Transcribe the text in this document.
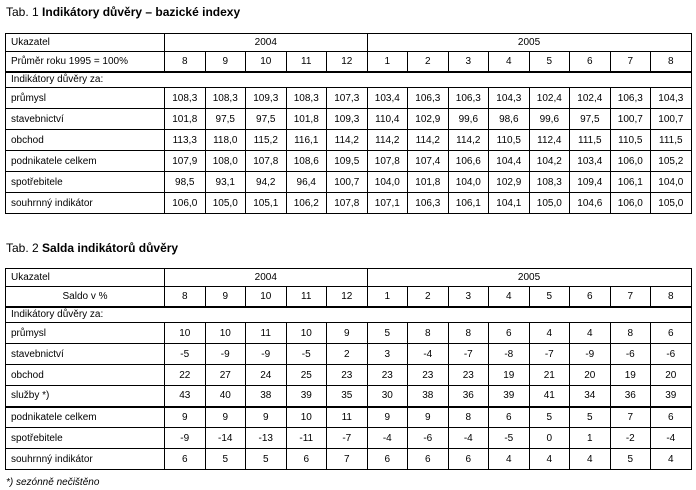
Tab. 1 Indikátory důvěry – bazické indexy
Ukazatel	2004					2005							
Průměr roku 1995 = 100%	8	9	10	11	12	1	2	3	4	5	6	7	8
Indikátory důvěry za:													
průmysl	108,3	108,3	109,3	108,3	107,3	103,4	106,3	106,3	104,3	102,4	102,4	106,3	104,3
stavebnictví	101,8	97,5	97,5	101,8	109,3	110,4	102,9	99,6	98,6	99,6	97,5	100,7	100,7
obchod	113,3	118,0	115,2	116,1	114,2	114,2	114,2	114,2	110,5	112,4	111,5	110,5	111,5
podnikatele celkem	107,9	108,0	107,8	108,6	109,5	107,8	107,4	106,6	104,4	104,2	103,4	106,0	105,2
spotřebitele	98,5	93,1	94,2	96,4	100,7	104,0	101,8	104,0	102,9	108,3	109,4	106,1	104,0
souhrnný indikátor	106,0	105,0	105,1	106,2	107,8	107,1	106,3	106,1	104,1	105,0	104,6	106,0	105,0
Tab. 2 Salda indikátorů důvěry
Ukazatel	2004					2005							
Saldo v %	8	9	10	11	12	1	2	3	4	5	6	7	8
Indikátory důvěry za:													
průmysl	10	10	11	10	9	5	8	8	6	4	4	8	6
stavebnictví	-5	-9	-9	-5	2	3	-4	-7	-8	-7	-9	-6	-6
obchod	22	27	24	25	23	23	23	23	19	21	20	19	20
služby *)	43	40	38	39	35	30	38	36	39	41	34	36	39
podnikatele celkem	9	9	9	10	11	9	9	8	6	5	5	7	6
spotřebitele	-9	-14	-13	-11	-7	-4	-6	-4	-5	0	1	-2	-4
souhrnný indikátor	6	5	5	6	7	6	6	6	4	4	4	5	4
*) sezónně nečištěno
